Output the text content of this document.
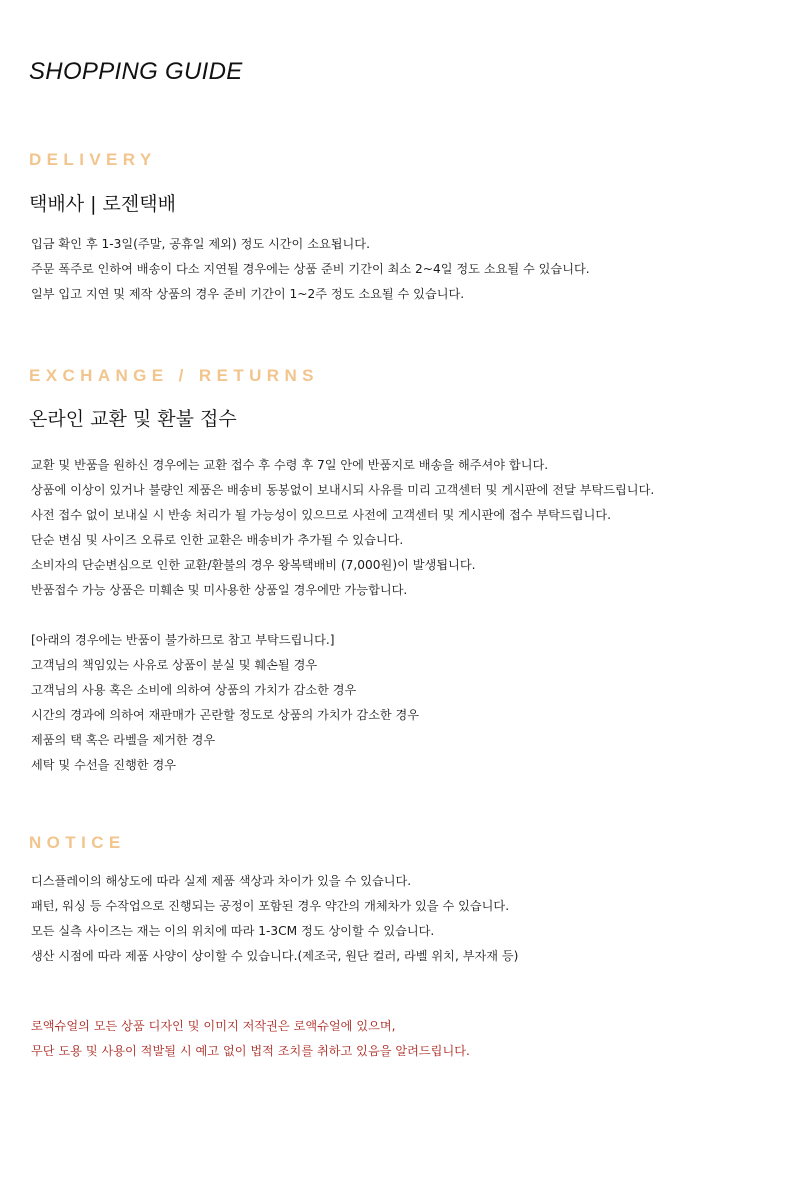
SHOPPING GUIDE
DELIVERY
택배사 | 로젠택배
입금 확인 후 1-3일(주말, 공휴일 제외) 정도 시간이 소요됩니다.
주문 폭주로 인하여 배송이 다소 지연될 경우에는 상품 준비 기간이 최소 2~4일 정도 소요될 수 있습니다.
일부 입고 지연 및 제작 상품의 경우 준비 기간이 1~2주 정도 소요될 수 있습니다.
EXCHANGE / RETURNS
온라인 교환 및 환불 접수
교환 및 반품을 원하신 경우에는 교환 접수 후 수령 후 7일 안에 반품지로 배송을 해주셔야 합니다.
상품에 이상이 있거나 불량인 제품은 배송비 동봉없이 보내시되 사유를 미리 고객센터 및 게시판에 전달 부탁드립니다.
사전 접수 없이 보내실 시 반송 처리가 될 가능성이 있으므로 사전에 고객센터 및 게시판에 접수 부탁드립니다.
단순 변심 및 사이즈 오류로 인한 교환은 배송비가 추가될 수 있습니다.
소비자의 단순변심으로 인한 교환/환불의 경우 왕복택배비 (7,000원)이 발생됩니다.
반품접수 가능 상품은 미훼손 및 미사용한 상품일 경우에만 가능합니다.
[아래의 경우에는 반품이 불가하므로 참고 부탁드립니다.]
고객님의 책임있는 사유로 상품이 분실 및 훼손될 경우
고객님의 사용 혹은 소비에 의하여 상품의 가치가 감소한 경우
시간의 경과에 의하여 재판매가 곤란할 정도로 상품의 가치가 감소한 경우
제품의 택 혹은 라벨을 제거한 경우
세탁 및 수선을 진행한 경우
NOTICE
디스플레이의 해상도에 따라 실제 제품 색상과 차이가 있을 수 있습니다.
패턴, 워싱 등 수작업으로 진행되는 공정이 포함된 경우 약간의 개체차가 있을 수 있습니다.
모든 실측 사이즈는 재는 이의 위치에 따라 1-3CM 정도 상이할 수 있습니다.
생산 시점에 따라 제품 사양이 상이할 수 있습니다.(제조국, 원단 컬러, 라벨 위치, 부자재 등)
로액슈얼의 모든 상품 디자인 및 이미지 저작권은 로액슈얼에 있으며,
무단 도용 및 사용이 적발될 시 예고 없이 법적 조치를 취하고 있음을 알려드립니다.
